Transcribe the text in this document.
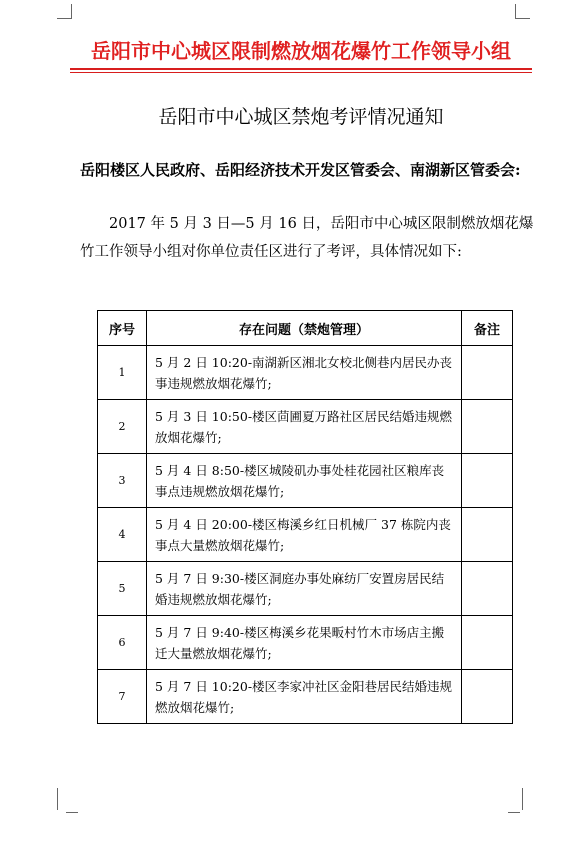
岳阳市中心城区限制燃放烟花爆竹工作领导小组
岳阳市中心城区禁炮考评情况通知
岳阳楼区人民政府、岳阳经济技术开发区管委会、南湖新区管委会:
2017 年 5 月 3 日—5 月 16 日，岳阳市中心城区限制燃放烟花爆竹工作领导小组对你单位责任区进行了考评，具体情况如下:
序号	存在问题（禁炮管理）	备注
1	5 月 2 日 10:20-南湖新区湘北女校北侧巷内居民办丧事违规燃放烟花爆竹;	
2	5 月 3 日 10:50-楼区茴圃夏万路社区居民结婚违规燃放烟花爆竹;	
3	5 月 4 日 8:50-楼区城陵矶办事处桂花园社区粮库丧事点违规燃放烟花爆竹;	
4	5 月 4 日 20:00-楼区梅溪乡红日机械厂 37 栋院内丧事点大量燃放烟花爆竹;	
5	5 月 7 日 9:30-楼区洞庭办事处麻纺厂安置房居民结婚违规燃放烟花爆竹;	
6	5 月 7 日 9:40-楼区梅溪乡花果畈村竹木市场店主搬迁大量燃放烟花爆竹;	
7	5 月 7 日 10:20-楼区李家冲社区金阳巷居民结婚违规燃放烟花爆竹;	
